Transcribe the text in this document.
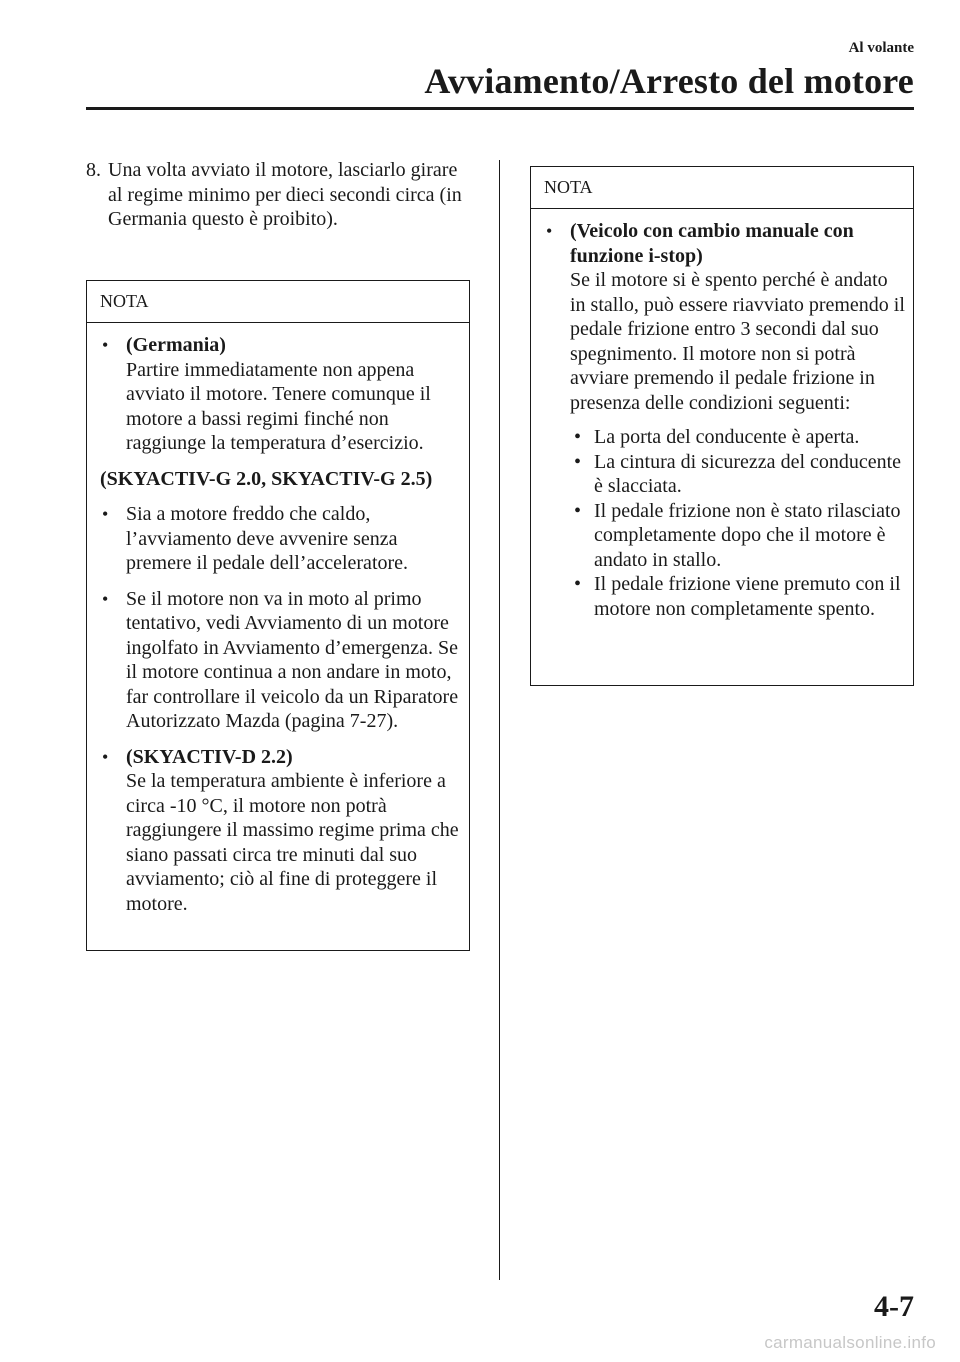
Al volante
Avviamento/Arresto del motore
8. Una volta avviato il motore, lasciarlo girare al regime minimo per dieci secondi circa (in Germania questo è proibito).
NOTA
• (Germania)
Partire immediatamente non appena avviato il motore. Tenere comunque il motore a bassi regimi finché non raggiunge la temperatura d’esercizio.
(SKYACTIV-G 2.0, SKYACTIV-G 2.5)
• Sia a motore freddo che caldo, l’avviamento deve avvenire senza premere il pedale dell’acceleratore.
• Se il motore non va in moto al primo tentativo, vedi Avviamento di un motore ingolfato in Avviamento d’emergenza. Se il motore continua a non andare in moto, far controllare il veicolo da un Riparatore Autorizzato Mazda (pagina 7-27).
• (SKYACTIV-D 2.2)
Se la temperatura ambiente è inferiore a circa -10 °C, il motore non potrà raggiungere il massimo regime prima che siano passati circa tre minuti dal suo avviamento; ciò al fine di proteggere il motore.
NOTA
• (Veicolo con cambio manuale con funzione i-stop)
Se il motore si è spento perché è andato in stallo, può essere riavviato premendo il pedale frizione entro 3 secondi dal suo spegnimento. Il motore non si potrà avviare premendo il pedale frizione in presenza delle condizioni seguenti:
• La porta del conducente è aperta.
• La cintura di sicurezza del conducente è slacciata.
• Il pedale frizione non è stato rilasciato completamente dopo che il motore è andato in stallo.
• Il pedale frizione viene premuto con il motore non completamente spento.
4-7
carmanualsonline.info
